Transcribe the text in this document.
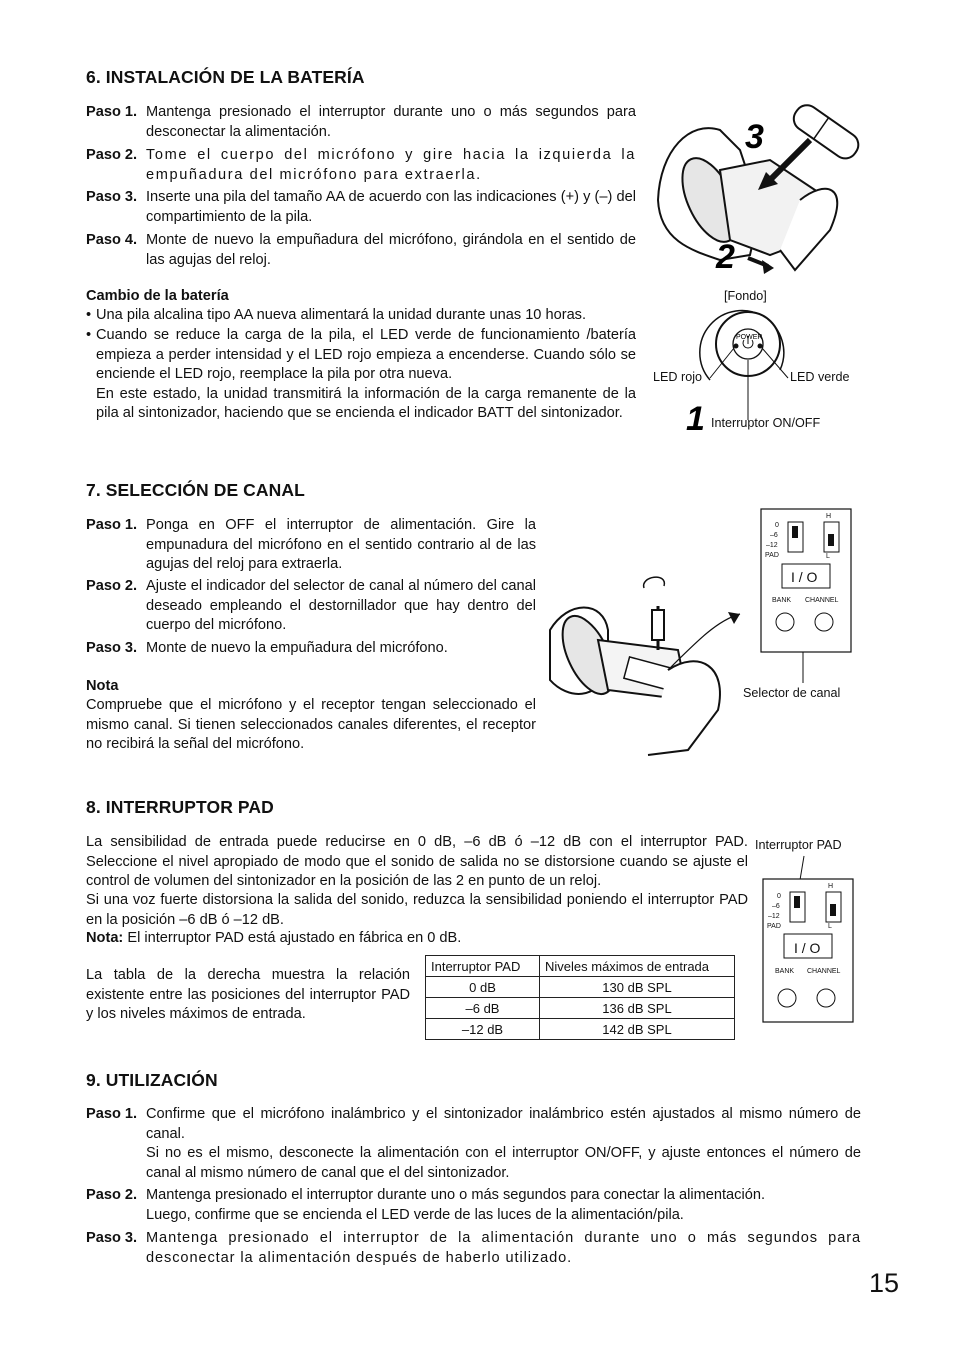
6. INSTALACIÓN DE LA BATERÍA
Paso 1. Mantenga presionado el interruptor durante uno o más segundos para desconectar la alimentación.
Paso 2. Tome el cuerpo del micrófono y gire hacia la izquierda la empuñadura del micrófono para extraerla.
Paso 3. Inserte una pila del tamaño AA de acuerdo con las indicaciones (+) y (–) del compartimiento de la pila.
Paso 4. Monte de nuevo la empuñadura del micrófono, girándola en el sentido de las agujas del reloj.
Cambio de la batería
• Una pila alcalina tipo AA nueva alimentará la unidad durante unas 10 horas.
• Cuando se reduce la carga de la pila, el LED verde de funcionamiento /batería empieza a perder intensidad y el LED rojo empieza a encenderse. Cuando sólo se enciende el LED rojo, reemplace la pila por otra nueva.
En este estado, la unidad transmitirá la información de la carga remanente de la pila al sintonizador, haciendo que se encienda el indicador BATT del sintonizador.
3
2
[Fondo]
POWER
1
LED rojo	LED verde
Interruptor ON/OFF
7. SELECCIÓN DE CANAL
Paso 1. Ponga en OFF el interruptor de alimentación. Gire la empunadura del micrófono en el sentido contrario al de las agujas del reloj para extraerla.
Paso 2. Ajuste el indicador del selector de canal al número del canal deseado empleando el destornillador que hay dentro del cuerpo del micrófono.
Paso 3. Monte de nuevo la empuñadura del micrófono.
Nota
Compruebe que el micrófono y el receptor tengan seleccionado el mismo canal. Si tienen seleccionados canales diferentes, el receptor no recibirá la señal del micrófono.
0
–6
–12
PAD
H
L
I / O
BANK CHANNEL
Selector de canal
8. INTERRUPTOR PAD
La sensibilidad de entrada puede reducirse en 0 dB, –6 dB ó –12 dB con el interruptor PAD. Seleccione el nivel apropiado de modo que el sonido de salida no se distorsione cuando se ajuste el control de volumen del sintonizador en la posición de las 2 en punto de un reloj.
Si una voz fuerte distorsiona la salida del sonido, reduzca la sensibilidad poniendo el interruptor PAD en la posición –6 dB ó –12 dB.
Nota: El interruptor PAD está ajustado en fábrica en 0 dB.
La tabla de la derecha muestra la relación existente entre las posiciones del interruptor PAD y los niveles máximos de entrada.
Interruptor PAD	Niveles máximos de entrada
0 dB	130 dB SPL
–6 dB	136 dB SPL
–12 dB	142 dB SPL
Interruptor PAD
0
–6
–12
PAD
H
L
I / O
BANK CHANNEL
9. UTILIZACIÓN
Paso 1. Confirme que el micrófono inalámbrico y el sintonizador inalámbrico estén ajustados al mismo número de canal.
Si no es el mismo, desconecte la alimentación con el interruptor ON/OFF, y ajuste entonces el número de canal al mismo número de canal que el del sintonizador.
Paso 2. Mantenga presionado el interruptor durante uno o más segundos para conectar la alimentación.
Luego, confirme que se encienda el LED verde de las luces de la alimentación/pila.
Paso 3. Mantenga presionado el interruptor de la alimentación durante uno o más segundos para desconectar la alimentación después de haberlo utilizado.
15
